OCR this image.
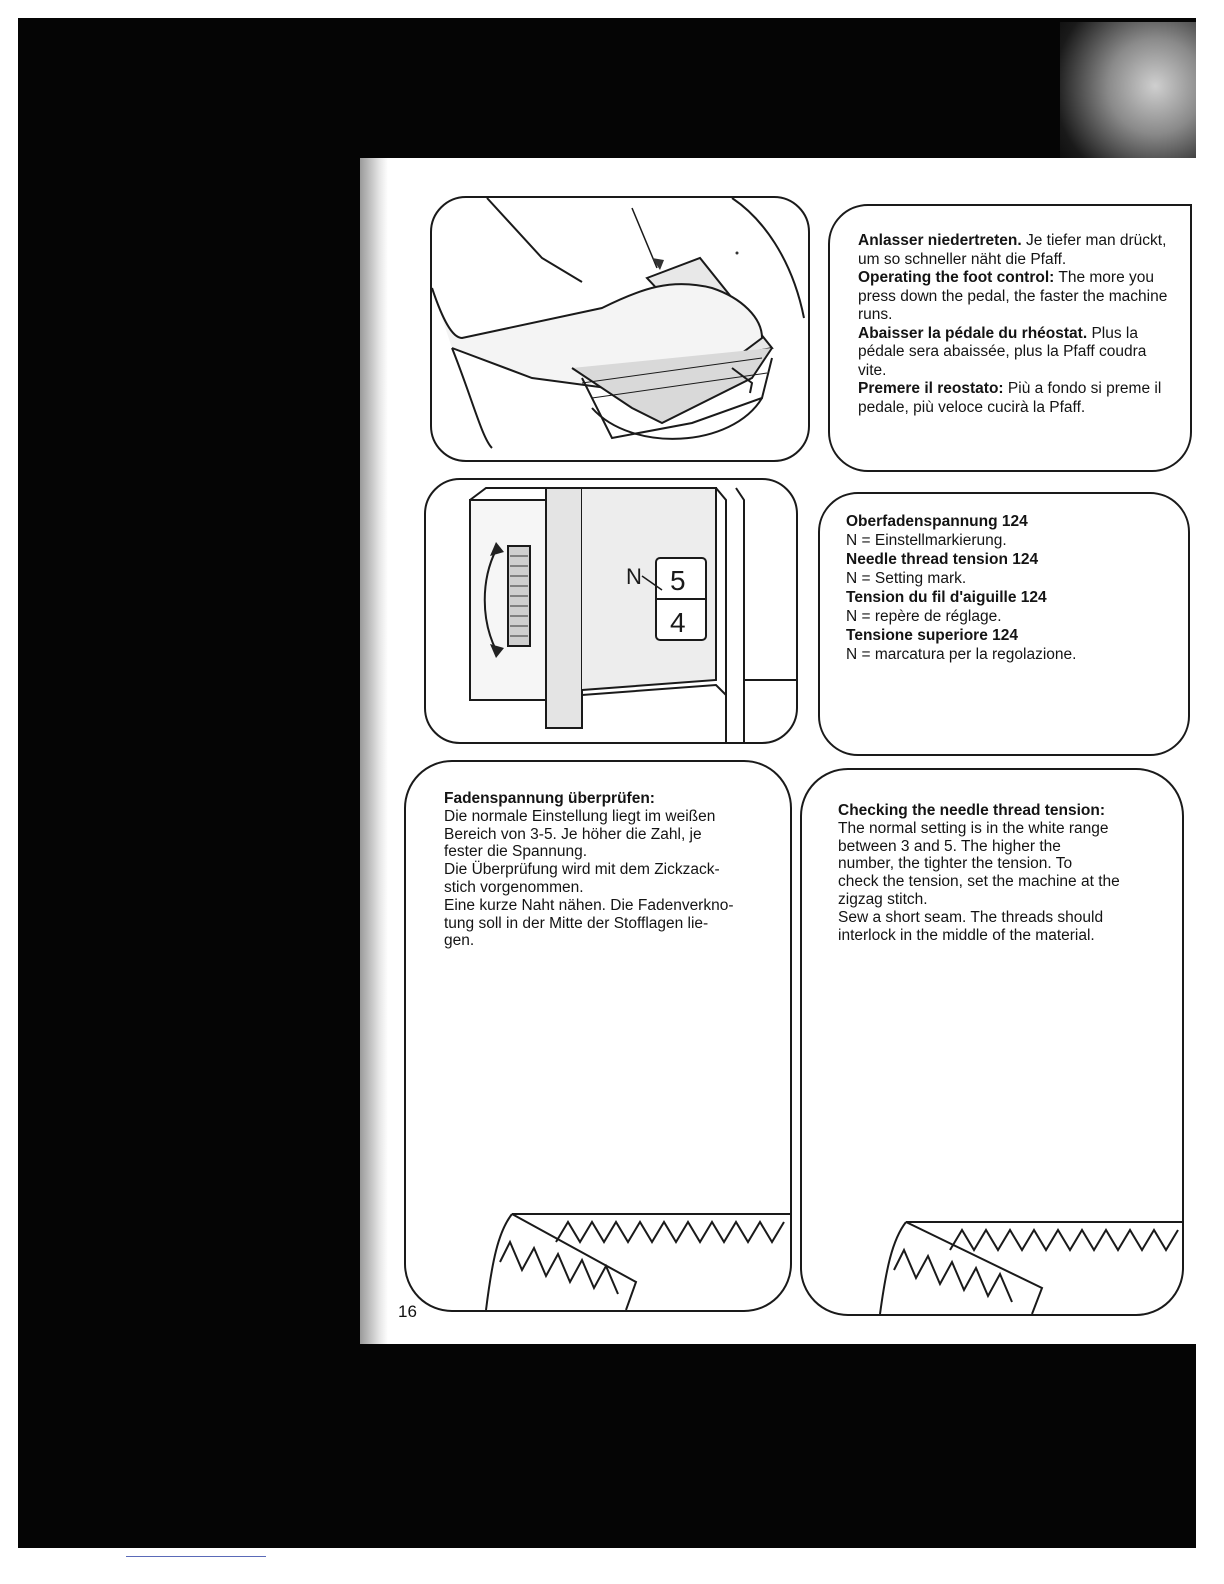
Anlasser niedertreten. Je tiefer man drückt, um so schneller näht die Pfaff.

Operating the foot control: The more you press down the pedal, the faster the machine runs.

Abaisser la pédale du rhéostat. Plus la pédale sera abaissée, plus la Pfaff coudra vite.

Premere il reostato: Più a fondo si preme il pedale, più veloce cucirà la Pfaff.

N 5
4

Oberfadenspannung 124

N = Einstellmarkierung.

Needle thread tension 124

N = Setting mark.

Tension du fil d'aiguille 124

N = repère de réglage.

Tensione superiore 124

N = marcatura per la regolazione.

Fadenspannung überprüfen:

Die normale Einstellung liegt im weißen

Bereich von 3-5. Je höher die Zahl, je

fester die Spannung.

Die Überprüfung wird mit dem Zickzack-

stich vorgenommen.

Eine kurze Naht nähen. Die Fadenverkno-

tung soll in der Mitte der Stofflagen lie-

gen.

Checking the needle thread tension:

The normal setting is in the white range

between 3 and 5. The higher the

number, the tighter the tension. To

check the tension, set the machine at the

zigzag stitch.

Sew a short seam. The threads should

interlock in the middle of the material.

16
